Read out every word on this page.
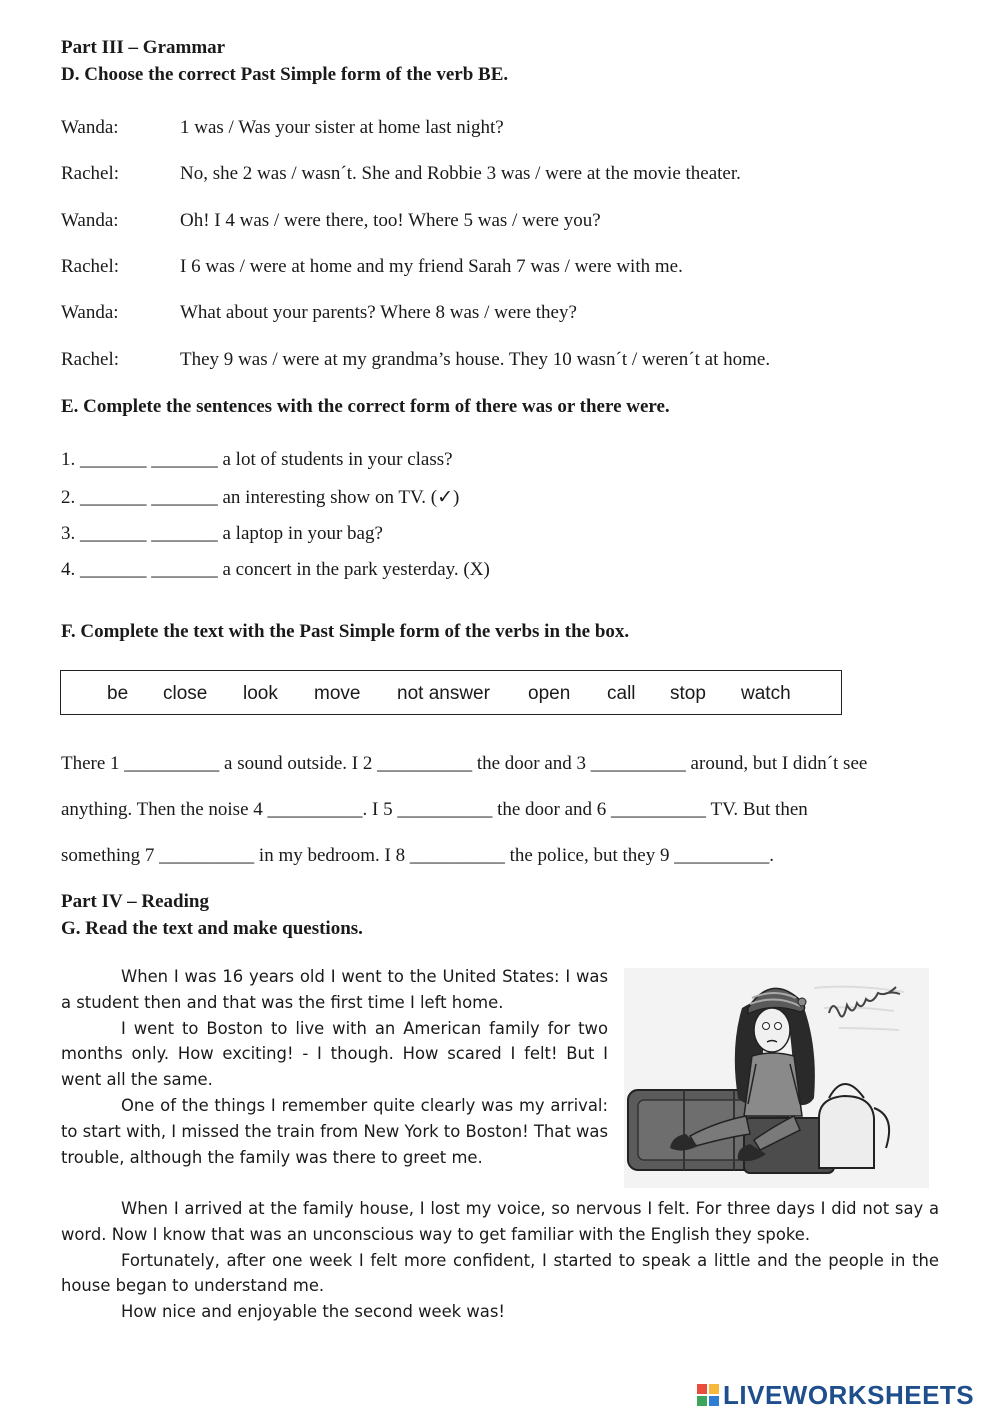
Part III – Grammar
D. Choose the correct Past Simple form of the verb BE.
Wanda:	1 was / Was your sister at home last night?
Rachel:	No, she 2 was / wasn´t. She and Robbie 3 was / were at the movie theater.
Wanda:	Oh! I 4 was / were there, too! Where 5 was / were you?
Rachel:	I 6 was / were at home and my friend Sarah 7 was / were with me.
Wanda:	What about your parents? Where 8 was / were they?
Rachel:	They 9 was / were at my grandma’s house. They 10 wasn´t / weren´t at home.
E. Complete the sentences with the correct form of there was or there were.
1. _______ _______ a lot of students in your class?
2. _______ _______ an interesting show on TV. (✓)
3. _______ _______ a laptop in your bag?
4. _______ _______ a concert in the park yesterday. (X)
F. Complete the text with the Past Simple form of the verbs in the box.
be close look move not answer open call stop watch
There 1 __________ a sound outside. I 2 __________ the door and 3 __________ around, but I didn´t see
anything. Then the noise 4 __________. I 5 __________ the door and 6 __________ TV. But then
something 7 __________ in my bedroom. I 8 __________ the police, but they 9 __________.
Part IV – Reading
G. Read the text and make questions.

When I was 16 years old I went to the United States: I was a student then and that was the first time I left home.

I went to Boston to live with an American family for two months only. How exciting! - I though. How scared I felt! But I went all the same.

One of the things I remember quite clearly was my arrival: to start with, I missed the train from New York to Boston! That was trouble, although the family was there to greet me.

When I arrived at the family house, I lost my voice, so nervous I felt. For three days I did not say a word. Now I know that was an unconscious way to get familiar with the English they spoke.

Fortunately, after one week I felt more confident, I started to speak a little and the people in the house began to understand me.

How nice and enjoyable the second week was!

LIVEWORKSHEETS
